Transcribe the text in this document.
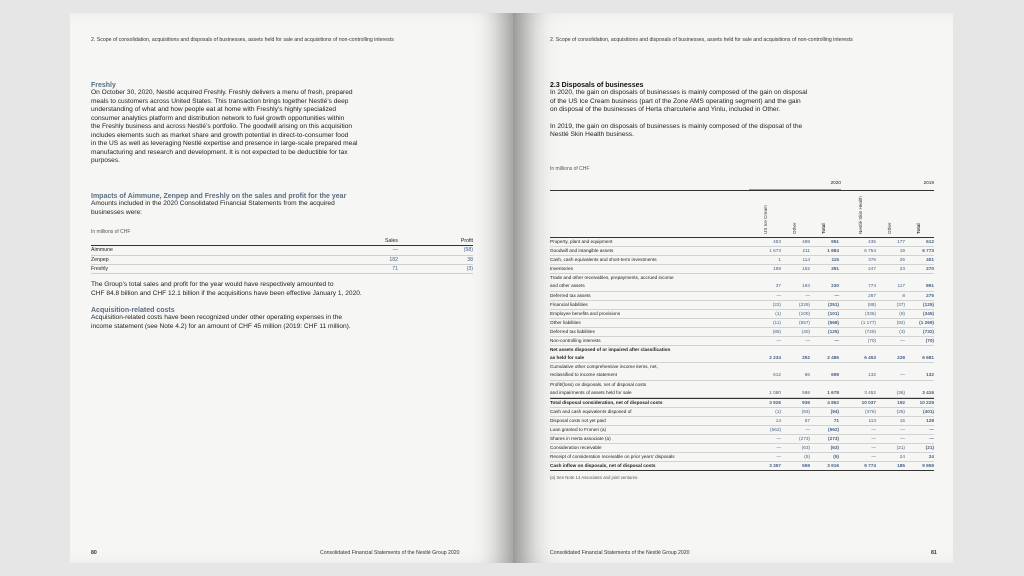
2. Scope of consolidation, acquisitions and disposals of businesses, assets held for sale and acquisitions of non-controlling interests

Freshly

On October 30, 2020, Nestlé acquired Freshly. Freshly delivers a menu of fresh, prepared
meals to customers across United States. This transaction brings together Nestlé’s deep
understanding of what and how people eat at home with Freshly’s highly specialized
consumer analytics platform and distribution network to fuel growth opportunities within
the Freshly business and across Nestlé’s portfolio. The goodwill arising on this acquisition
includes elements such as market share and growth potential in direct-to-consumer food
in the US as well as leveraging Nestlé expertise and presence in large-scale prepared meal
manufacturing and research and development. It is not expected to be deductible for tax
purposes.

Impacts of Aimmune, Zenpep and Freshly on the sales and profit for the year

Amounts included in the 2020 Consolidated Financial Statements from the acquired
businesses were:
In millions of CHF
Sales	Profit
Aimmune	—	(58)
Zenpep	182	38
Freshly	71	(3)
The Group’s total sales and profit for the year would have respectively amounted to
CHF 84.8 billion and CHF 12.1 billion if the acquisitions have been effective January 1, 2020.

Acquisition-related costs

Acquisition-related costs have been recognized under other operating expenses in the
income statement (see Note 4.2) for an amount of CHF 45 million (2019: CHF 11 million).
80	Consolidated Financial Statements of the Nestlé Group 2020
2. Scope of consolidation, acquisitions and disposals of businesses, assets held for sale and acquisitions of non-controlling interests

2.3 Disposals of businesses

In 2020, the gain on disposals of businesses is mainly composed of the gain on disposal
of the US Ice Cream business (part of the Zone AMS operating segment) and the gain
on disposal of the businesses of Herta charcuterie and Yinlu, included in Other.
In 2019, the gain on disposals of businesses is mainly composed of the disposal of the
Nestlé Skin Health business.
In millions of CHF
2020	2019
US Ice Cream	Other	Total	Nestlé Skin Health	Other	Total
Property, plant and equipment	453	498	951	435	177	612
Goodwill and intangible assets	1 673	211	1 884	6 754	19	6 773
Cash, cash equivalents and short-term investments	1	114	115	376	25	401
Inventories	189	162	351	247	23	270
Trade and other receivables, prepayments, accrued income
and other assets	37	193	230	774	117	891
Deferred tax assets	—	—	—	267	8	275
Financial liabilities	(22)	(229)	(251)	(88)	(37)	(125)
Employee benefits and provisions	(1)	(100)	(101)	(336)	(9)	(345)
Other liabilities	(11)	(557)	(568)	(1 177)	(92)	(1 269)
Deferred tax liabilities	(85)	(40)	(125)	(729)	(3)	(732)
Non-controlling interests	—	—	—	(70)	—	(70)
Net assets disposed of or impaired after classification
as held for sale	2 234	252	2 486	6 453	228	6 681
Cumulative other comprehensive income items, net,
reclassified to income statement	612	86	698	132	—	132
Profit/(loss) on disposals, net of disposal costs
and impairments of assets held for sale	1 080	598	1 678	3 452	(36)	3 416
Total disposal consideration, net of disposal costs	3 926	936	4 862	10 037	192	10 229
Cash and cash equivalents disposed of	(1)	(93)	(94)	(376)	(25)	(401)
Disposal costs not yet paid	14	57	71	113	15	128
Loan granted to Froneri (a)	(562)	—	(562)	—	—	—
Shares in Herta associate (a)	—	(273)	(273)	—	—	—
Consideration receivable	—	(63)	(63)	—	(21)	(21)
Receipt of consideration receivable on prior years’ disposals	—	(5)	(5)	—	24	24
Cash inflow on disposals, net of disposal costs	3 357	559	3 916	9 774	185	9 959
(a) See Note 14 Associates and joint ventures.
Consolidated Financial Statements of the Nestlé Group 2020	81
